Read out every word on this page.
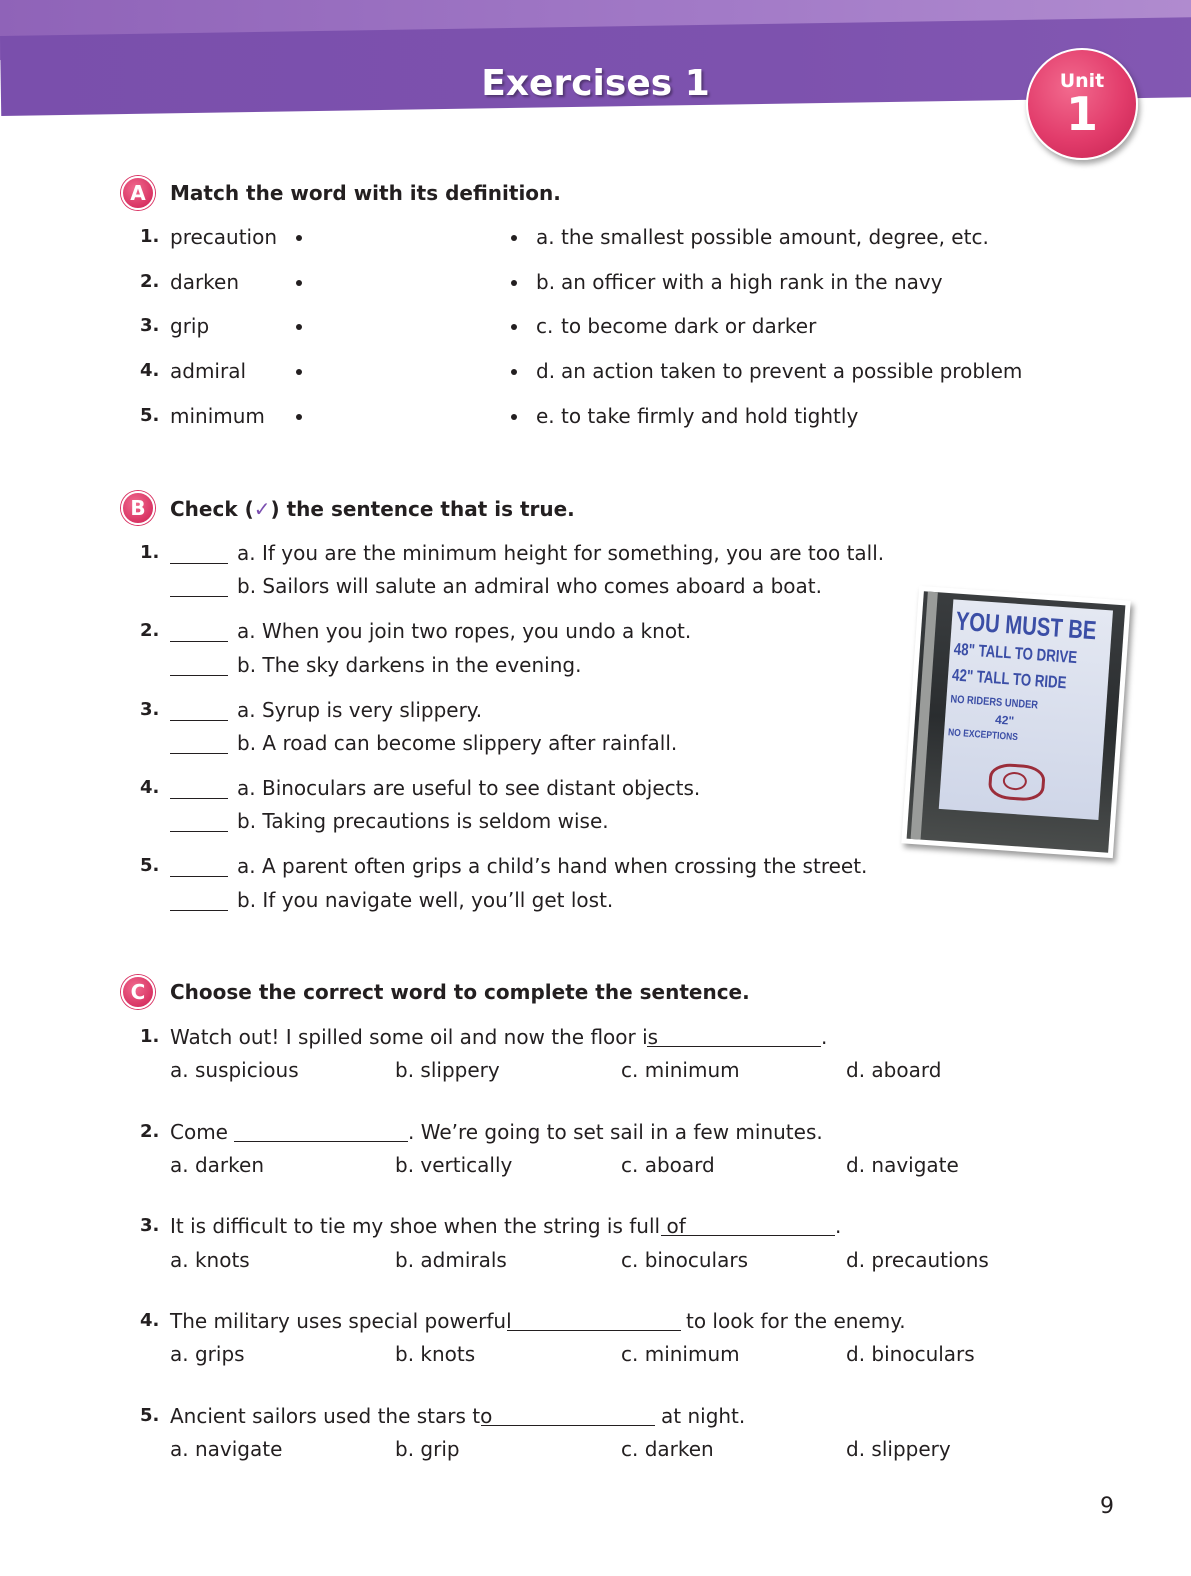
Exercises 1	Unit
1
A	Match the word with its definition.
1. precaution	a. the smallest possible amount, degree, etc.
2. darken	b. an officer with a high rank in the navy
3. grip	c. to become dark or darker
4. admiral	d. an action taken to prevent a possible problem
5. minimum	e. to take firmly and hold tightly
B	Check (✓) the sentence that is true.
1.	a. If you are the minimum height for something, you are too tall.
b. Sailors will salute an admiral who comes aboard a boat.
2.	a. When you join two ropes, you undo a knot.
b. The sky darkens in the evening.
3.	a. Syrup is very slippery.
b. A road can become slippery after rainfall.
4.	a. Binoculars are useful to see distant objects.
b. Taking precautions is seldom wise.
5.	a. A parent often grips a child’s hand when crossing the street.
b. If you navigate well, you’ll get lost.
YOU MUST BE
48" TALL TO DRIVE
42" TALL TO RIDE
NO RIDERS UNDER
42"
NO EXCEPTIONS
C	Choose the correct word to complete the sentence.
1. Watch out! I spilled some oil and now the floor is	.
a. suspicious	b. slippery	c. minimum	d. aboard
2. Come	. We’re going to set sail in a few minutes.
a. darken	b. vertically	c. aboard	d. navigate
3. It is difficult to tie my shoe when the string is full of	.
a. knots	b. admirals	c. binoculars	d. precautions
4. The military uses special powerful	to look for the enemy.
a. grips	b. knots	c. minimum	d. binoculars
5. Ancient sailors used the stars to	at night.
a. navigate	b. grip	c. darken	d. slippery
9
